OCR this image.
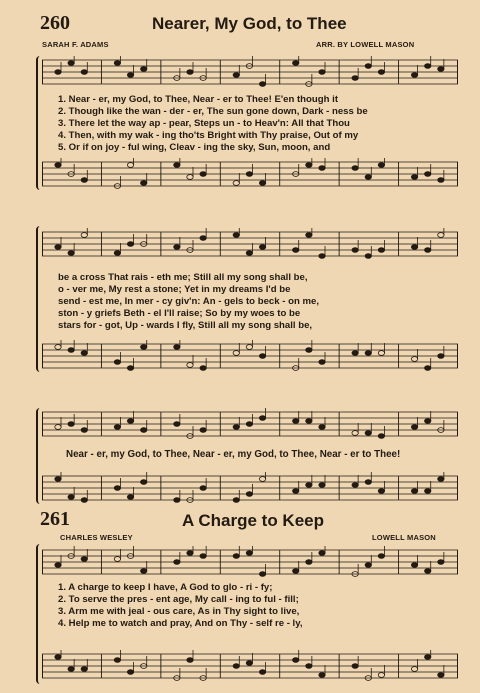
260	Nearer, My God, to Thee
SARAH F. ADAMS	ARR. BY LOWELL MASON
1. Near - er, my God, to Thee, Near - er to Thee! E'en though it
2. Though like the wan - der - er, The sun gone down, Dark - ness be
3. There let the way ap - pear, Steps un - to Heav'n: All that Thou
4. Then, with my wak - ing tho'ts Bright with Thy praise, Out of my
5. Or if on joy - ful wing, Cleav - ing the sky, Sun, moon, and
be a cross That rais - eth me; Still all my song shall be,
o - ver me, My rest a stone; Yet in my dreams I'd be
send - est me, In mer - cy giv'n: An - gels to beck - on me,
ston - y griefs Beth - el I'll raise; So by my woes to be
stars for - got, Up - wards I fly, Still all my song shall be,
Near - er, my God, to Thee, Near - er, my God, to Thee, Near - er to Thee!
261	A Charge to Keep
CHARLES WESLEY	LOWELL MASON
1. A charge to keep I have, A God to glo - ri - fy;
2. To serve the pres - ent age, My call - ing to ful - fill;
3. Arm me with jeal - ous care, As in Thy sight to live,
4. Help me to watch and pray, And on Thy - self re - ly,
